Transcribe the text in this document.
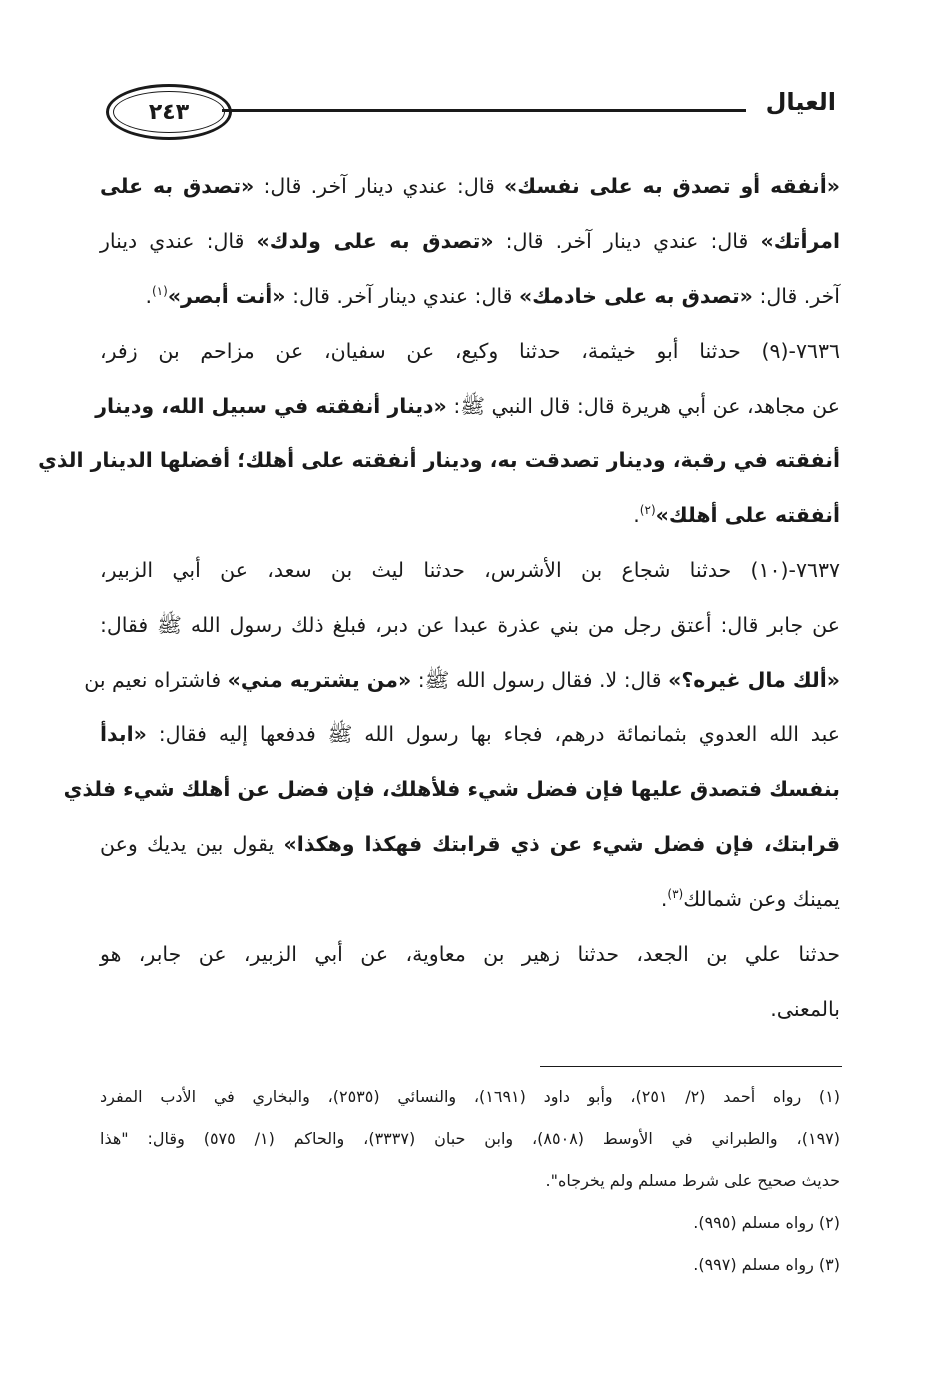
العيال
٢٤٣
«أنفقه أو تصدق به على نفسك» قال: عندي دينار آخر. قال: «تصدق به على
امرأتك» قال: عندي دينار آخر. قال: «تصدق به على ولدك» قال: عندي دينار
آخر. قال: «تصدق به على خادمك» قال: عندي دينار آخر. قال: «أنت أبصر»$^{(١)}$.
٧٦٣٦-(٩) حدثنا أبو خيثمة، حدثنا وكيع، عن سفيان، عن مزاحم بن زفر،
عن مجاهد، عن أبي هريرة قال: قال النبي ﷺ: «دينار أنفقته في سبيل الله، ودينار
أنفقته في رقبة، ودينار تصدقت به، ودينار أنفقته على أهلك؛ أفضلها الدينار الذي
أنفقته على أهلك»$^{(٢)}$.
٧٦٣٧-(١٠) حدثنا شجاع بن الأشرس، حدثنا ليث بن سعد، عن أبي الزبير،
عن جابر قال: أعتق رجل من بني عذرة عبدا عن دبر، فبلغ ذلك رسول الله ﷺ فقال:
«ألك مال غيره؟» قال: لا. فقال رسول الله ﷺ: «من يشتريه مني» فاشتراه نعيم بن
عبد الله العدوي بثمانمائة درهم، فجاء بها رسول الله ﷺ فدفعها إليه فقال: «ابدأ
بنفسك فتصدق عليها فإن فضل شيء فلأهلك، فإن فضل عن أهلك شيء فلذي
قرابتك، فإن فضل شيء عن ذي قرابتك فهكذا وهكذا» يقول بين يديك وعن
يمينك وعن شمالك$^{(٣)}$.
حدثنا علي بن الجعد، حدثنا زهير بن معاوية، عن أبي الزبير، عن جابر، هو
بالمعنى.
(١) رواه أحمد (٢/ ٢٥١)، وأبو داود (١٦٩١)، والنسائي (٢٥٣٥)، والبخاري في الأدب المفرد
(١٩٧)، والطبراني في الأوسط (٨٥٠٨)، وابن حبان (٣٣٣٧)، والحاكم (١/ ٥٧٥) وقال: "هذا
حديث صحيح على شرط مسلم ولم يخرجاه".
(٢) رواه مسلم (٩٩٥).
(٣) رواه مسلم (٩٩٧).
